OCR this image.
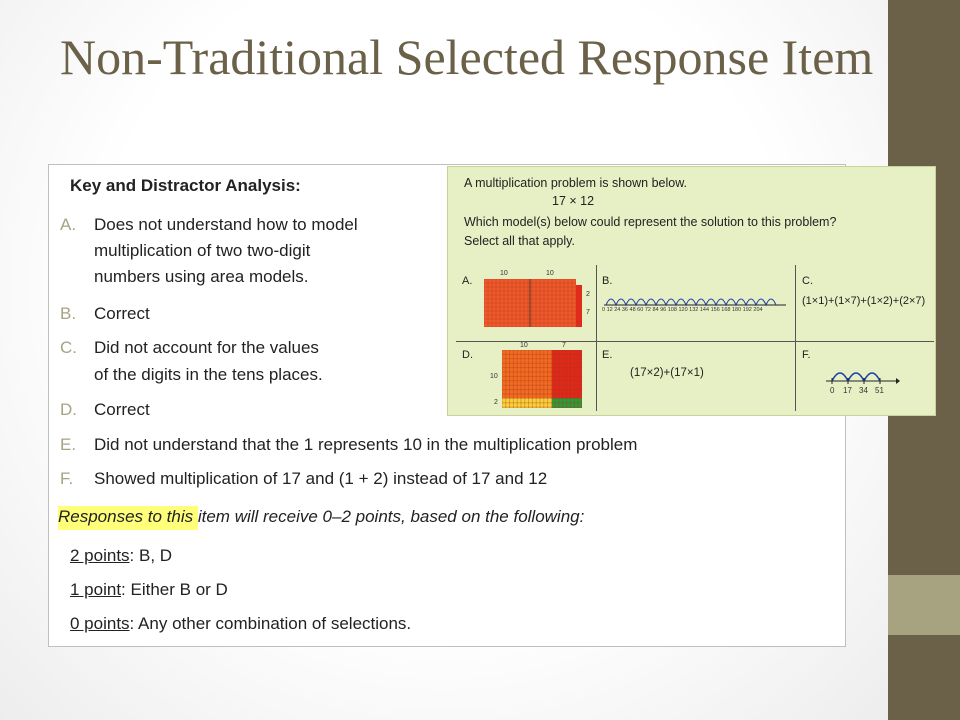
Non-Traditional Selected Response Item
Key and Distractor Analysis:
A. Does not understand how to model
multiplication of two two-digit
numbers using area models.
B. Correct
C. Did not account for the values
of the digits in the tens places.
D. Correct
E. Did not understand that the 1 represents 10 in the multiplication problem
F. Showed multiplication of 17 and (1 + 2) instead of 17 and 12
Responses to this item will receive 0–2 points, based on the following:
2 points: B, D
1 point: Either B or D
0 points: Any other combination of selections.
A multiplication problem is shown below.
17 × 12
Which model(s) below could represent the solution to this problem?
Select all that apply.
A.
10	10
2
7
B.
0 12 24 36 48 60 72 84 96 108 120 132 144 156 168 180 192 204
C.
(1×1)+(1×7)+(1×2)+(2×7)
D.
10	7
10
2
E.
(17×2)+(17×1)
F.
0 17 34 51
